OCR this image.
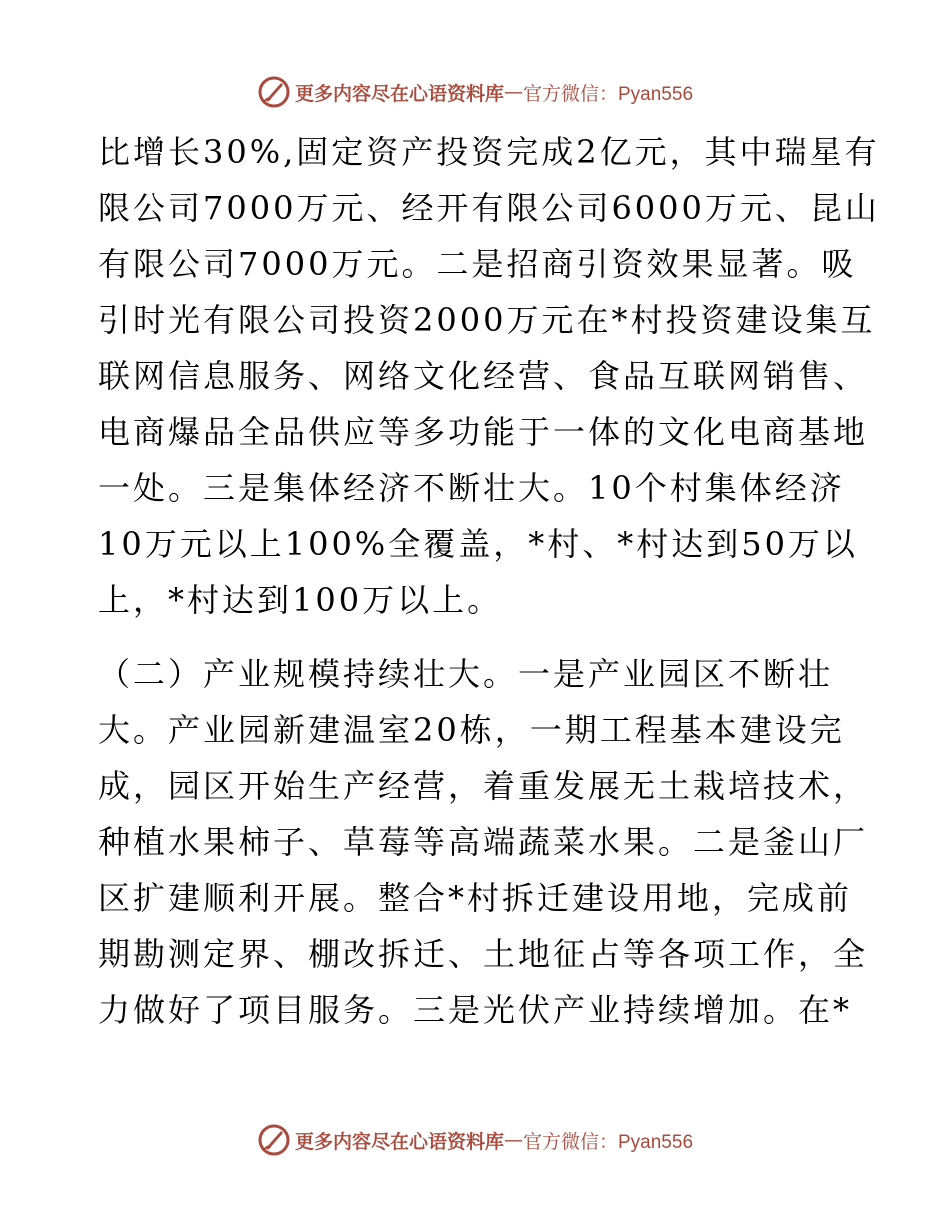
更多内容尽在心语资料库 — 官方微信：Pyan556
比增长30%,固定资产投资完成2亿元，其中瑞星有
限公司7000万元、经开有限公司6000万元、昆山
有限公司7000万元。二是招商引资效果显著。吸
引时光有限公司投资2000万元在*村投资建设集互
联网信息服务、网络文化经营、食品互联网销售、
电商爆品全品供应等多功能于一体的文化电商基地
一处。三是集体经济不断壮大。10个村集体经济
10万元以上100%全覆盖，*村、*村达到50万以
上，*村达到100万以上。
（二）产业规模持续壮大。一是产业园区不断壮
大。产业园新建温室20栋，一期工程基本建设完
成，园区开始生产经营，着重发展无土栽培技术，
种植水果柿子、草莓等高端蔬菜水果。二是釜山厂
区扩建顺利开展。整合*村拆迁建设用地，完成前
期勘测定界、棚改拆迁、土地征占等各项工作，全
力做好了项目服务。三是光伏产业持续增加。在*
更多内容尽在心语资料库 — 官方微信：Pyan556
